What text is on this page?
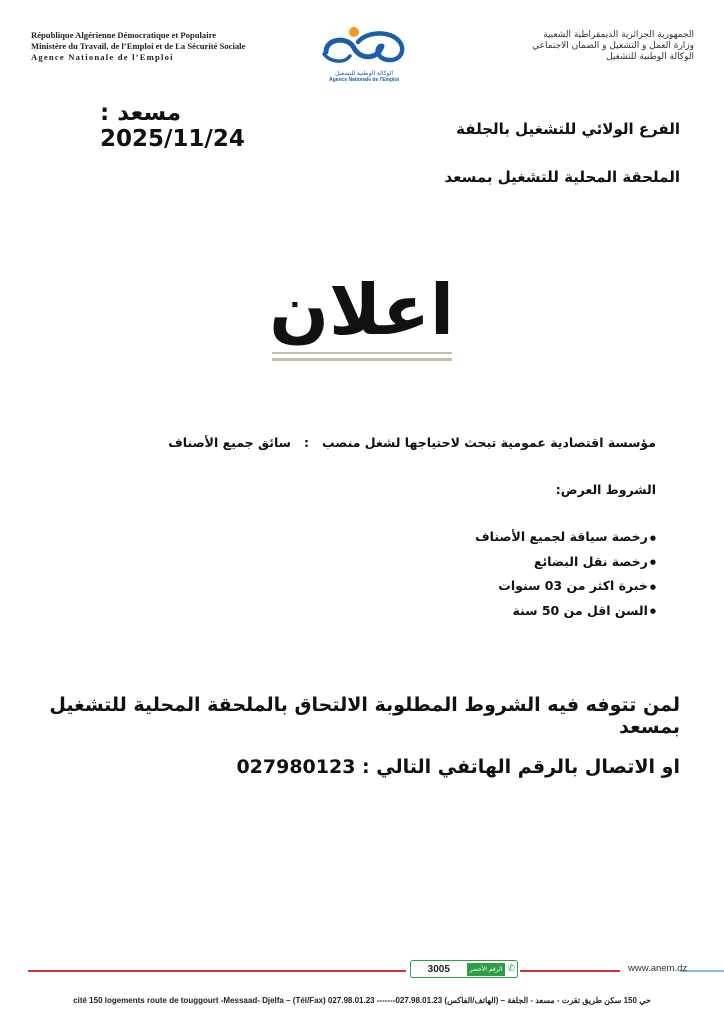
République Algérienne Démocratique et Populaire
Ministère du Travail, de l’Emploi et de La Sécurité Sociale
Agence Nationale de l’Emploi
الوكالة الوطنية للتشغيل
Agence Nationale de l'Emploi
الجمهورية الجزائرية الديمقراطية الشعبية
وزارة العمل و التشغيل و الضمان الاجتماعي
الوكالة الوطنية للتشغيل
مسعد : 2025/11/24	الفرع الولائي للتشغيل بالجلفة
الملحقة المحلية للتشغيل بمسعد
اعلان
مؤسسة اقتصادية عمومية تبحث لاحتياجها لشغل منصب   :   سائق جميع الأصناف
الشروط العرض:
● رخصة سياقة لجميع الأصناف
● رخصة نقل البضائع
● خبرة اكثر من 03 سنوات
● السن اقل من 50 سنة
لمن تتوفه فيه الشروط المطلوبة الالتحاق بالملحقة المحلية للتشغيل بمسعد
او الاتصال بالرقم الهاتفي التالي : 027980123
3005	الرقم الأخضر ✆	www.anem.dz
cité 150 logements route de touggourt -Messaad- Djelfa – (Tél/Fax) 027.98.01.23 -------027.98.01.23 (الهاتف/الفاكس) – حي 150 سكن طريق تقرت - مسعد - الجلفة
